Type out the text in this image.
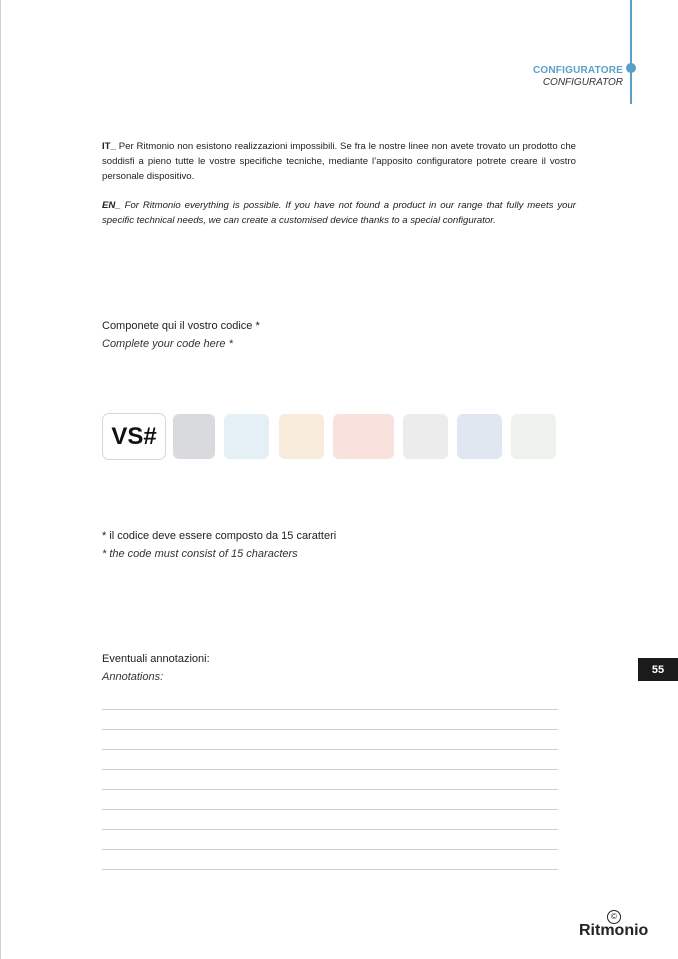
CONFIGURATORE
CONFIGURATOR
IT_ Per Ritmonio non esistono realizzazioni impossibili. Se fra le nostre linee non avete trovato un prodotto che soddisfi a pieno tutte le vostre specifiche tecniche, mediante l’apposito configuratore potrete creare il vostro personale dispositivo.
EN_ For Ritmonio everything is possible. If you have not found a product in our range that fully meets your specific technical needs, we can create a customised device thanks to a special configurator.
Componete qui il vostro codice *
Complete your code here *
VS#
* il codice deve essere composto da 15 caratteri
* the code must consist of 15 characters
Eventuali annotazioni:
Annotations:
55
©
Ritmonio
